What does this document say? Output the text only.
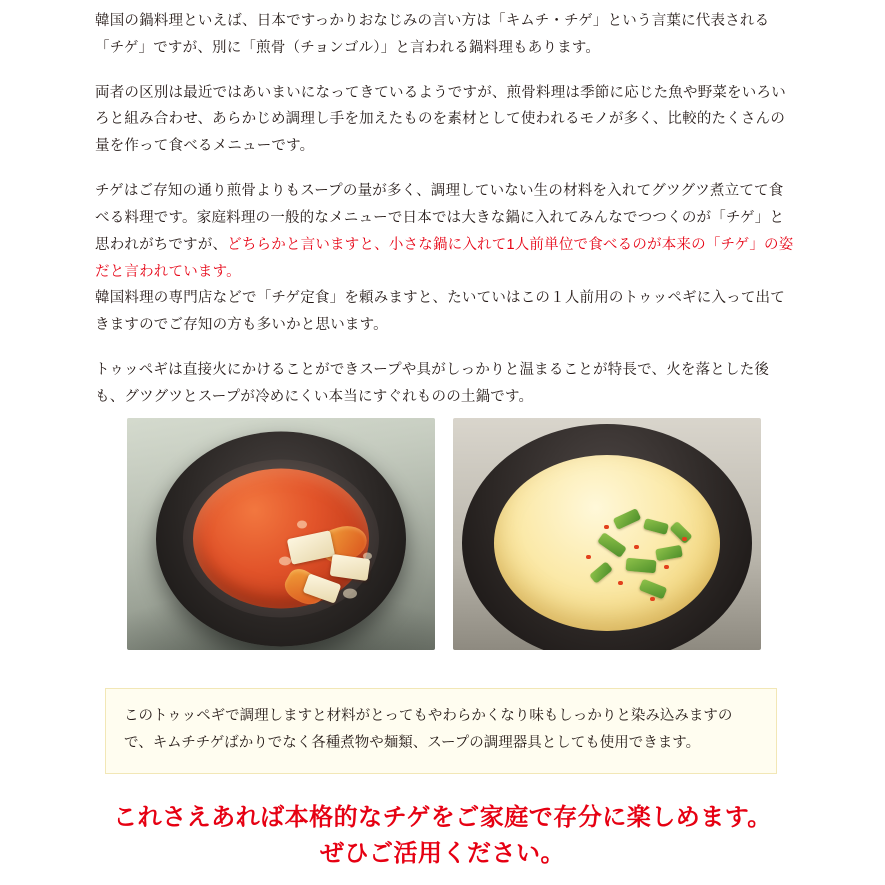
韓国の鍋料理といえば、日本ですっかりおなじみの言い方は「キムチ・チゲ」という言葉に代表される「チゲ」ですが、別に「煎骨（チョンゴル）」と言われる鍋料理もあります。

両者の区別は最近ではあいまいになってきているようですが、煎骨料理は季節に応じた魚や野菜をいろいろと組み合わせ、あらかじめ調理し手を加えたものを素材として使われるモノが多く、比較的たくさんの量を作って食べるメニューです。

チゲはご存知の通り煎骨よりもスープの量が多く、調理していない生の材料を入れてグツグツ煮立てて食べる料理です。家庭料理の一般的なメニューで日本では大きな鍋に入れてみんなでつつくのが「チゲ」と思われがちですが、どちらかと言いますと、小さな鍋に入れて1人前単位で食べるのが本来の「チゲ」の姿だと言われています。

韓国料理の専門店などで「チゲ定食」を頼みますと、たいていはこの１人前用のトゥッペギに入って出てきますのでご存知の方も多いかと思います。

トゥッペギは直接火にかけることができスープや具がしっかりと温まることが特長で、火を落とした後も、グツグツとスープが冷めにくい本当にすぐれものの土鍋です。

このトゥッペギで調理しますと材料がとってもやわらかくなり味もしっかりと染み込みますので、キムチチゲばかりでなく各種煮物や麺類、スープの調理器具としても使用できます。

これさえあれば本格的なチゲをご家庭で存分に楽しめます。
ぜひご活用ください。
